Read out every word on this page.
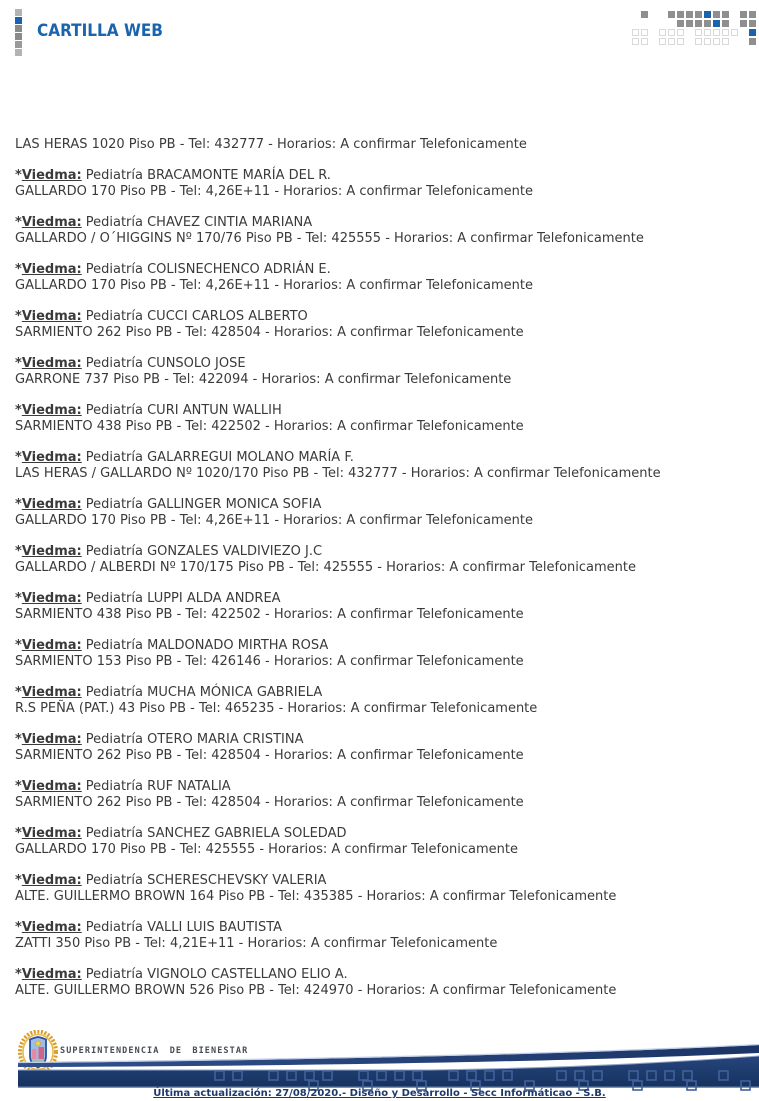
CARTILLA WEB
LAS HERAS 1020 Piso PB - Tel: 432777 - Horarios: A confirmar Telefonicamente
*Viedma: Pediatría BRACAMONTE MARÍA DEL R.
GALLARDO 170 Piso PB - Tel: 4,26E+11 - Horarios: A confirmar Telefonicamente
*Viedma: Pediatría CHAVEZ CINTIA MARIANA
GALLARDO / O´HIGGINS Nº 170/76 Piso PB - Tel: 425555 - Horarios: A confirmar Telefonicamente
*Viedma: Pediatría COLISNECHENCO ADRIÁN E.
GALLARDO 170 Piso PB - Tel: 4,26E+11 - Horarios: A confirmar Telefonicamente
*Viedma: Pediatría CUCCI CARLOS ALBERTO
SARMIENTO 262 Piso PB - Tel: 428504 - Horarios: A confirmar Telefonicamente
*Viedma: Pediatría CUNSOLO JOSE
GARRONE 737 Piso PB - Tel: 422094 - Horarios: A confirmar Telefonicamente
*Viedma: Pediatría CURI ANTUN WALLIH
SARMIENTO 438 Piso PB - Tel: 422502 - Horarios: A confirmar Telefonicamente
*Viedma: Pediatría GALARREGUI MOLANO MARÍA F.
LAS HERAS / GALLARDO Nº 1020/170 Piso PB - Tel: 432777 - Horarios: A confirmar Telefonicamente
*Viedma: Pediatría GALLINGER MONICA SOFIA
GALLARDO 170 Piso PB - Tel: 4,26E+11 - Horarios: A confirmar Telefonicamente
*Viedma: Pediatría GONZALES VALDIVIEZO J.C
GALLARDO / ALBERDI Nº 170/175 Piso PB - Tel: 425555 - Horarios: A confirmar Telefonicamente
*Viedma: Pediatría LUPPI ALDA ANDREA
SARMIENTO 438 Piso PB - Tel: 422502 - Horarios: A confirmar Telefonicamente
*Viedma: Pediatría MALDONADO MIRTHA ROSA
SARMIENTO 153 Piso PB - Tel: 426146 - Horarios: A confirmar Telefonicamente
*Viedma: Pediatría MUCHA MÓNICA GABRIELA
R.S PEÑA (PAT.) 43 Piso PB - Tel: 465235 - Horarios: A confirmar Telefonicamente
*Viedma: Pediatría OTERO MARIA CRISTINA
SARMIENTO 262 Piso PB - Tel: 428504 - Horarios: A confirmar Telefonicamente
*Viedma: Pediatría RUF NATALIA
SARMIENTO 262 Piso PB - Tel: 428504 - Horarios: A confirmar Telefonicamente
*Viedma: Pediatría SANCHEZ GABRIELA SOLEDAD
GALLARDO 170 Piso PB - Tel: 425555 - Horarios: A confirmar Telefonicamente
*Viedma: Pediatría SCHERESCHEVSKY VALERIA
ALTE. GUILLERMO BROWN 164 Piso PB - Tel: 435385 - Horarios: A confirmar Telefonicamente
*Viedma: Pediatría VALLI LUIS BAUTISTA
ZATTI 350 Piso PB - Tel: 4,21E+11 - Horarios: A confirmar Telefonicamente
*Viedma: Pediatría VIGNOLO CASTELLANO ELIO A.
ALTE. GUILLERMO BROWN 526 Piso PB - Tel: 424970 - Horarios: A confirmar Telefonicamente
SUPERINTENDENCIA DE BIENESTAR
Última actualización: 27/08/2020.- Diseño y Desarrollo - Secc Informáticao - S.B.
